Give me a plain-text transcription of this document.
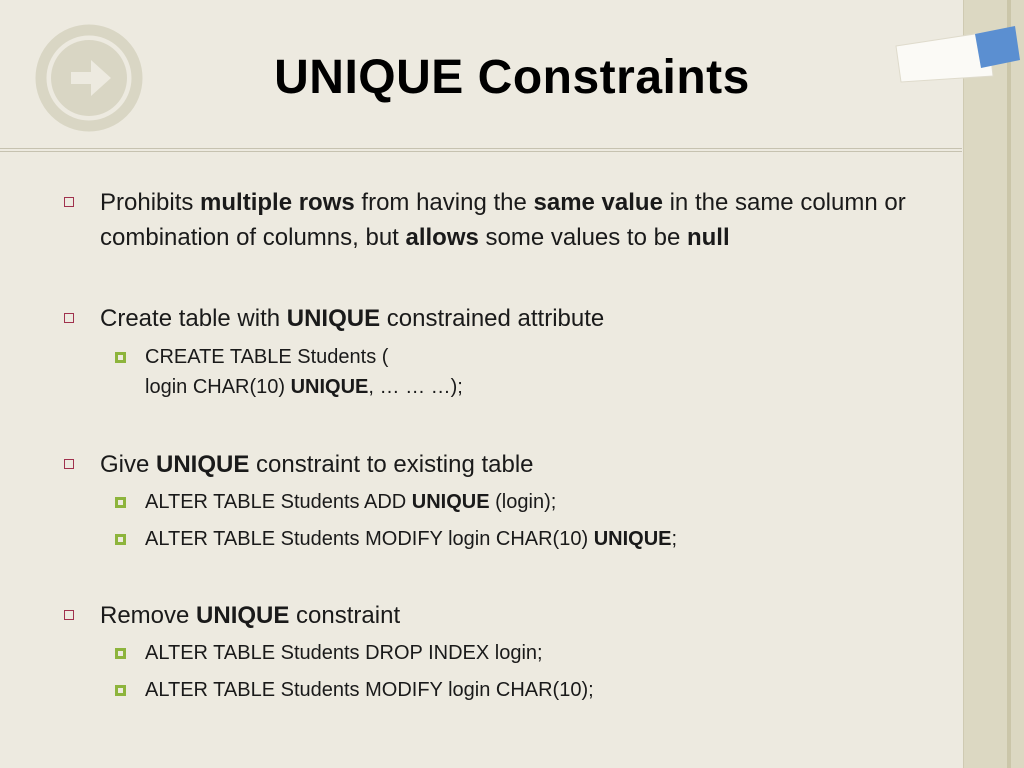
UNIQUE Constraints
Prohibits multiple rows from having the same value in the same column or combination of columns, but allows some values to be null
Create table with UNIQUE constrained attribute
CREATE TABLE Students (
login CHAR(10) UNIQUE, … … …);
Give UNIQUE constraint to existing table
ALTER TABLE Students ADD UNIQUE (login);
ALTER TABLE Students MODIFY login CHAR(10) UNIQUE;
Remove UNIQUE constraint
ALTER TABLE Students DROP INDEX login;
ALTER TABLE Students MODIFY login CHAR(10);
